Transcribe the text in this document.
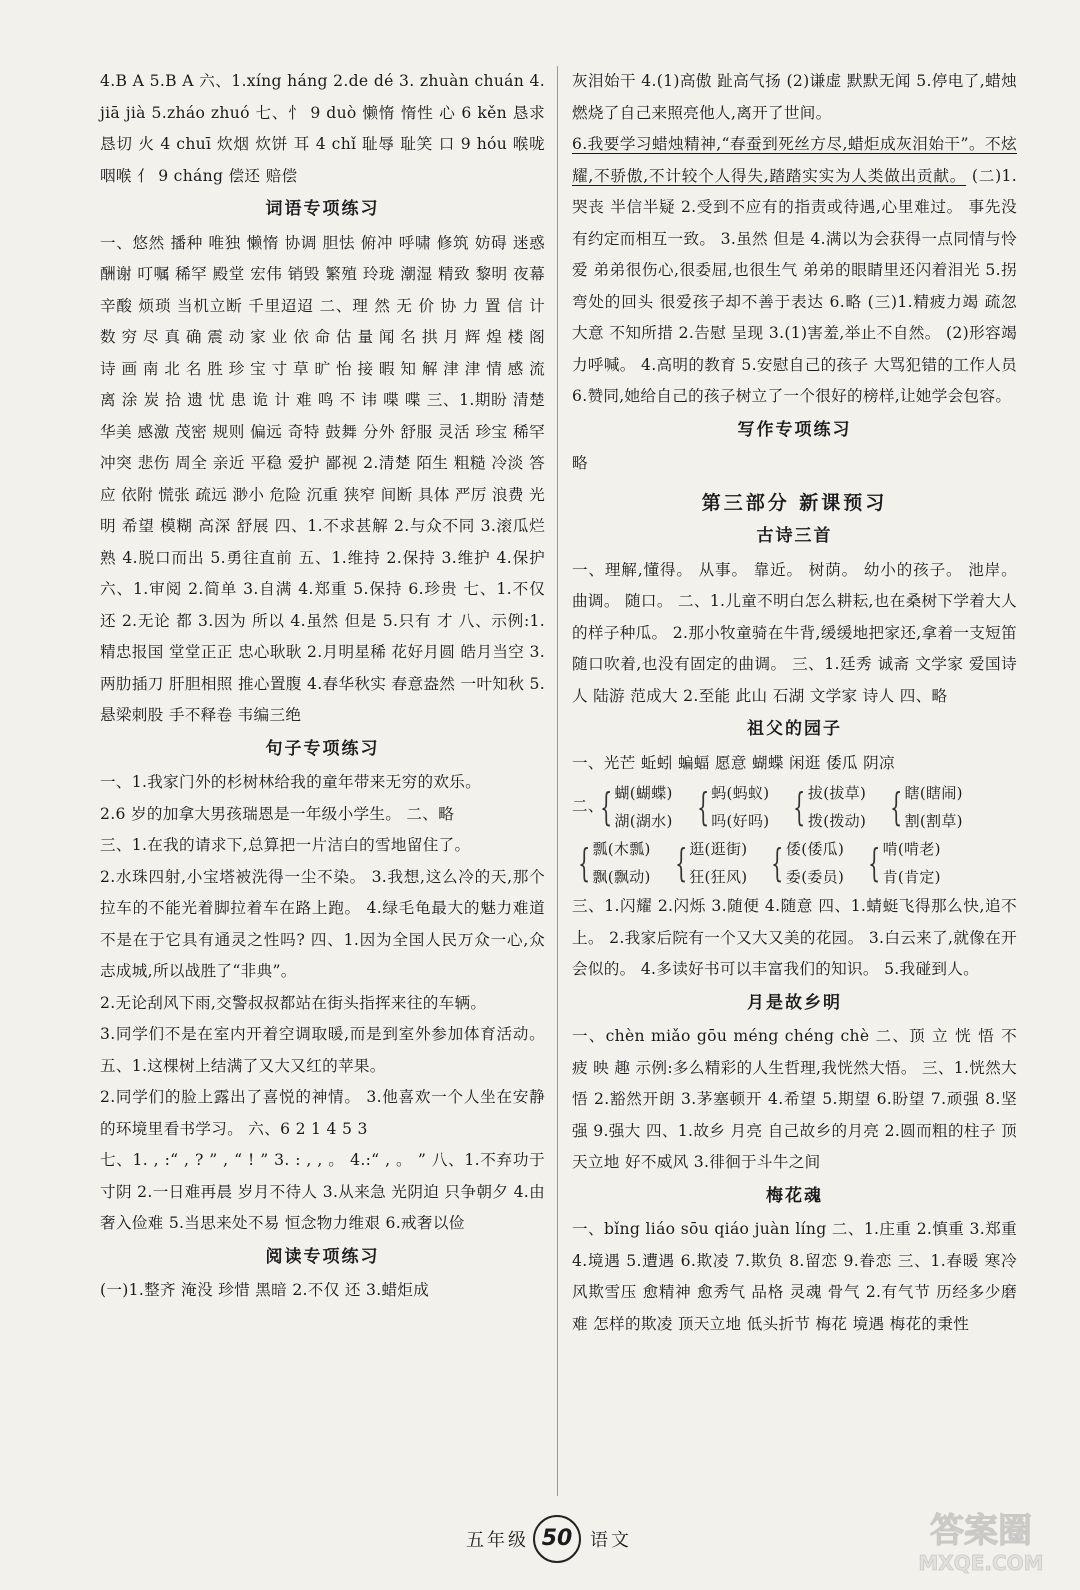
4.B A 5.B A 六、1.xíng háng 2.de dé 3. zhuàn chuán 4.jiā jià 5.zháo zhuó 七、忄 9 duò 懒惰 惰性 心 6 kěn 恳求 恳切 火 4 chuī 炊烟 炊饼 耳 4 chǐ 耻辱 耻笑 口 9 hóu 喉咙 咽喉 亻 9 cháng 偿还 赔偿

词语专项练习

一、悠然 播种 唯独 懒惰 协调 胆怯 俯冲 呼啸 修筑 妨碍 迷惑 酬谢 叮嘱 稀罕 殿堂 宏伟 销毁 繁殖 玲珑 潮湿 精致 黎明 夜幕 辛酸 烦琐 当机立断 千里迢迢 二、理 然 无 价 协 力 置 信 计 数 穷 尽 真 确 震 动 家 业 依 命 估 量 闻 名 拱 月 辉 煌 楼 阁 诗 画 南 北 名 胜 珍 宝 寸 草 旷 怡 接 暇 知 解 津 津 情 感 流 离 涂 炭 拾 遗 忧 患 诡 计 难 鸣 不 讳 喋 喋 三、1.期盼 清楚 华美 感激 茂密 规则 偏远 奇特 鼓舞 分外 舒服 灵活 珍宝 稀罕 冲突 悲伤 周全 亲近 平稳 爱护 鄙视 2.清楚 陌生 粗糙 冷淡 答应 依附 慌张 疏远 渺小 危险 沉重 狭窄 间断 具体 严厉 浪费 光明 希望 模糊 高深 舒展 四、1.不求甚解 2.与众不同 3.滚瓜烂熟 4.脱口而出 5.勇往直前 五、1.维持 2.保持 3.维护 4.保护 六、1.审阅 2.简单 3.自满 4.郑重 5.保持 6.珍贵 七、1.不仅 还 2.无论 都 3.因为 所以 4.虽然 但是 5.只有 才 八、示例:1.精忠报国 堂堂正正 忠心耿耿 2.月明星稀 花好月圆 皓月当空 3.两肋插刀 肝胆相照 推心置腹 4.春华秋实 春意盎然 一叶知秋 5.悬梁刺股 手不释卷 韦编三绝

句子专项练习

一、1.我家门外的杉树林给我的童年带来无穷的欢乐。

2.6 岁的加拿大男孩瑞恩是一年级小学生。 二、略

三、1.在我的请求下,总算把一片洁白的雪地留住了。

2.水珠四射,小宝塔被洗得一尘不染。 3.我想,这么冷的天,那个拉车的不能光着脚拉着车在路上跑。 4.绿毛龟最大的魅力难道不是在于它具有通灵之性吗? 四、1.因为全国人民万众一心,众志成城,所以战胜了“非典”。

2.无论刮风下雨,交警叔叔都站在街头指挥来往的车辆。

3.同学们不是在室内开着空调取暖,而是到室外参加体育活动。 五、1.这棵树上结满了又大又红的苹果。

2.同学们的脸上露出了喜悦的神情。 3.他喜欢一个人坐在安静的环境里看书学习。 六、6 2 1 4 5 3

七、1. , :“ , ? ” , “ ! ” 3. : , , 。 4.:“ , 。 ” 八、1.不弃功于寸阴 2.一日难再晨 岁月不待人 3.从来急 光阴迫 只争朝夕 4.由奢入俭难 5.当思来处不易 恒念物力维艰 6.戒奢以俭

阅读专项练习

(一)1.整齐 淹没 珍惜 黑暗 2.不仅 还 3.蜡炬成

灰泪始干 4.(1)高傲 趾高气扬 (2)谦虚 默默无闻 5.停电了,蜡烛燃烧了自己来照亮他人,离开了世间。

6.我要学习蜡烛精神,“春蚕到死丝方尽,蜡炬成灰泪始干”。不炫耀,不骄傲,不计较个人得失,踏踏实实为人类做出贡献。 (二)1.哭丧 半信半疑 2.受到不应有的指责或待遇,心里难过。 事先没有约定而相互一致。 3.虽然 但是 4.满以为会获得一点同情与怜爱 弟弟很伤心,很委屈,也很生气 弟弟的眼睛里还闪着泪光 5.拐弯处的回头 很爱孩子却不善于表达 6.略 (三)1.精疲力竭 疏忽大意 不知所措 2.告慰 呈现 3.(1)害羞,举止不自然。 (2)形容竭力呼喊。 4.高明的教育 5.安慰自己的孩子 大骂犯错的工作人员 6.赞同,她给自己的孩子树立了一个很好的榜样,让她学会包容。

写作专项练习

略

第三部分 新课预习
古诗三首

一、理解,懂得。 从事。 靠近。 树荫。 幼小的孩子。 池岸。 曲调。 随口。 二、1.儿童不明白怎么耕耘,也在桑树下学着大人的样子种瓜。 2.那小牧童骑在牛背,缓缓地把家还,拿着一支短笛随口吹着,也没有固定的曲调。 三、1.廷秀 诚斋 文学家 爱国诗人 陆游 范成大 2.至能 此山 石湖 文学家 诗人 四、略

祖父的园子

一、光芒 蚯蚓 蝙蝠 愿意 蝴蝶 闲逛 倭瓜 阴凉

二、
{ 蝴(蝴蝶)
湖(湖水) { 蚂(蚂蚁)
吗(好吗) { 拔(拔草)
拨(拨动) { 瞎(瞎闹)
割(割草)
{ 瓢(木瓢)
飘(飘动) { 逛(逛街)
狂(狂风) { 倭(倭瓜)
委(委员) { 啃(啃老)
肯(肯定)

三、1.闪耀 2.闪烁 3.随便 4.随意 四、1.蜻蜓飞得那么快,追不上。 2.我家后院有一个又大又美的花园。 3.白云来了,就像在开会似的。 4.多读好书可以丰富我们的知识。 5.我碰到人。

月是故乡明

一、chèn miǎo gōu méng chéng chè 二、顶 立 恍 悟 不 疲 映 趣 示例:多么精彩的人生哲理,我恍然大悟。 三、1.恍然大悟 2.豁然开朗 3.茅塞顿开 4.希望 5.期望 6.盼望 7.顽强 8.坚强 9.强大 四、1.故乡 月亮 自己故乡的月亮 2.圆而粗的柱子 顶天立地 好不威风 3.徘徊于斗牛之间

梅花魂

一、bǐng liáo sōu qiáo juàn líng 二、1.庄重 2.慎重 3.郑重 4.境遇 5.遭遇 6.欺凌 7.欺负 8.留恋 9.眷恋 三、1.春暖 寒冷 风欺雪压 愈精神 愈秀气 品格 灵魂 骨气 2.有气节 历经多少磨难 怎样的欺凌 顶天立地 低头折节 梅花 境遇 梅花的秉性

五年级 50 语文	答案圈
MXQE.COM
